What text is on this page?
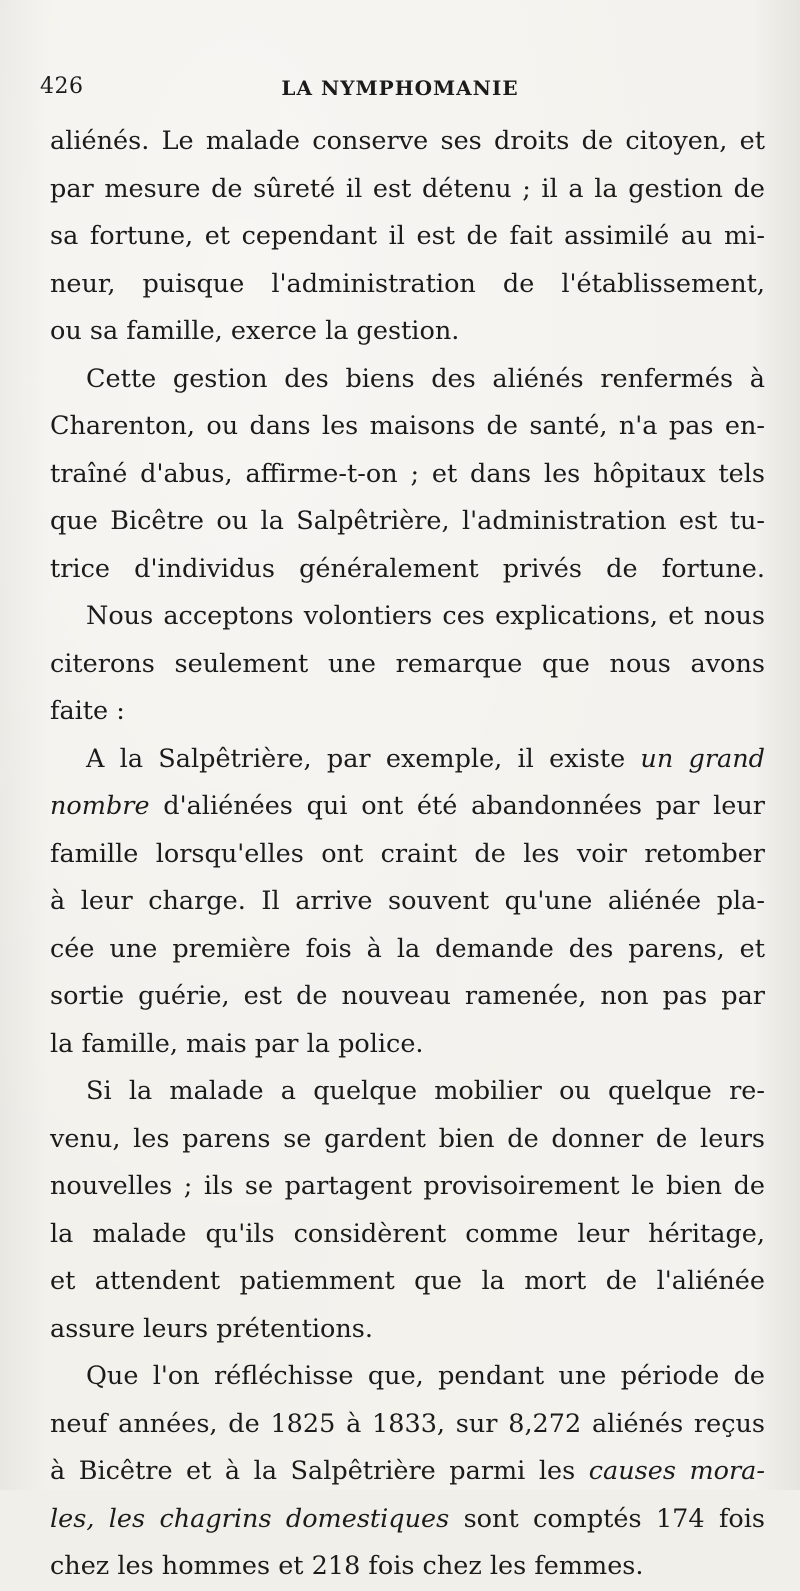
426	LA NYMPHOMANIE
aliénés. Le malade conserve ses droits de citoyen, et
par mesure de sûreté il est détenu ; il a la gestion de
sa fortune, et cependant il est de fait assimilé au mi-
neur, puisque l'administration de l'établissement,
ou sa famille, exerce la gestion.
Cette gestion des biens des aliénés renfermés à
Charenton, ou dans les maisons de santé, n'a pas en-
traîné d'abus, affirme-t-on ; et dans les hôpitaux tels
que Bicêtre ou la Salpêtrière, l'administration est tu-
trice d'individus généralement privés de fortune.
Nous acceptons volontiers ces explications, et nous
citerons seulement une remarque que nous avons
faite :
A la Salpêtrière, par exemple, il existe un grand
nombre d'aliénées qui ont été abandonnées par leur
famille lorsqu'elles ont craint de les voir retomber
à leur charge. Il arrive souvent qu'une aliénée pla-
cée une première fois à la demande des parens, et
sortie guérie, est de nouveau ramenée, non pas par
la famille, mais par la police.
Si la malade a quelque mobilier ou quelque re-
venu, les parens se gardent bien de donner de leurs
nouvelles ; ils se partagent provisoirement le bien de
la malade qu'ils considèrent comme leur héritage,
et attendent patiemment que la mort de l'aliénée
assure leurs prétentions.
Que l'on réfléchisse que, pendant une période de
neuf années, de 1825 à 1833, sur 8,272 aliénés reçus
à Bicêtre et à la Salpêtrière parmi les causes mora-
les, les chagrins domestiques sont comptés 174 fois
chez les hommes et 218 fois chez les femmes.
